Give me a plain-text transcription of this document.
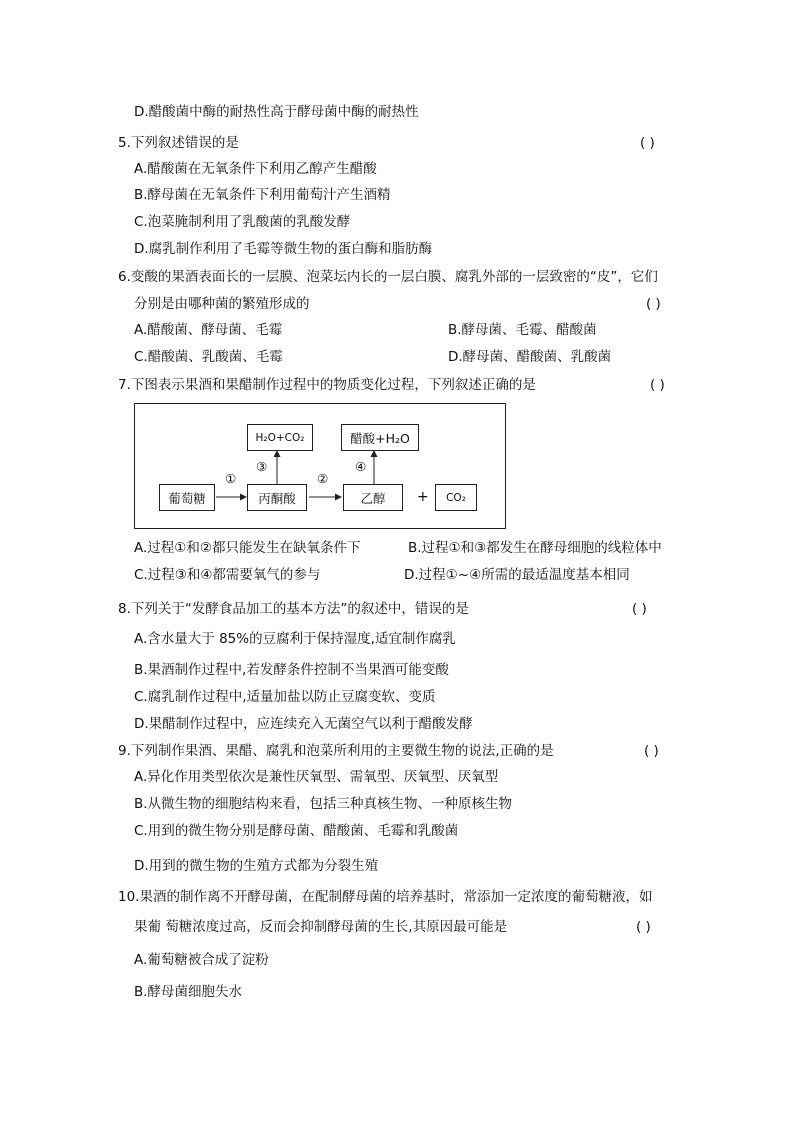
D.醋酸菌中酶的耐热性高于酵母菌中酶的耐热性
5.下列叙述错误的是	( )
A.醋酸菌在无氧条件下利用乙醇产生醋酸
B.酵母菌在无氧条件下利用葡萄汁产生酒精
C.泡菜腌制利用了乳酸菌的乳酸发酵
D.腐乳制作利用了毛霉等微生物的蛋白酶和脂肪酶
6.变酸的果酒表面长的一层膜、泡菜坛内长的一层白膜、腐乳外部的一层致密的“皮”，它们
分别是由哪种菌的繁殖形成的	( )
A.醋酸菌、酵母菌、毛霉	B.酵母菌、毛霉、醋酸菌
C.醋酸菌、乳酸菌、毛霉	D.酵母菌、醋酸菌、乳酸菌
7.下图表示果酒和果醋制作过程中的物质变化过程，下列叙述正确的是	( )
葡萄糖	丙酮酸	乙醇	CO₂
H₂O+CO₂	醋酸+H₂O
①	②
③	④
+
A.过程①和②都只能发生在缺氧条件下	B.过程①和③都发生在酵母细胞的线粒体中
C.过程③和④都需要氧气的参与	D.过程①~④所需的最适温度基本相同
8.下列关于“发酵食品加工的基本方法”的叙述中，错误的是	( )
A.含水量大于 85%的豆腐利于保持湿度,适宜制作腐乳
B.果酒制作过程中,若发酵条件控制不当果酒可能变酸
C.腐乳制作过程中,适量加盐以防止豆腐变软、变质
D.果醋制作过程中，应连续充入无菌空气以利于醋酸发酵
9.下列制作果酒、果醋、腐乳和泡菜所利用的主要微生物的说法,正确的是	( )
A.异化作用类型依次是兼性厌氧型、需氧型、厌氧型、厌氧型
B.从微生物的细胞结构来看，包括三种真核生物、一种原核生物
C.用到的微生物分别是酵母菌、醋酸菌、毛霉和乳酸菌
D.用到的微生物的生殖方式都为分裂生殖
10.果酒的制作离不开酵母菌，在配制酵母菌的培养基时，常添加一定浓度的葡萄糖液，如
果葡 萄糖浓度过高，反而会抑制酵母菌的生长,其原因最可能是	( )
A.葡萄糖被合成了淀粉
B.酵母菌细胞失水
